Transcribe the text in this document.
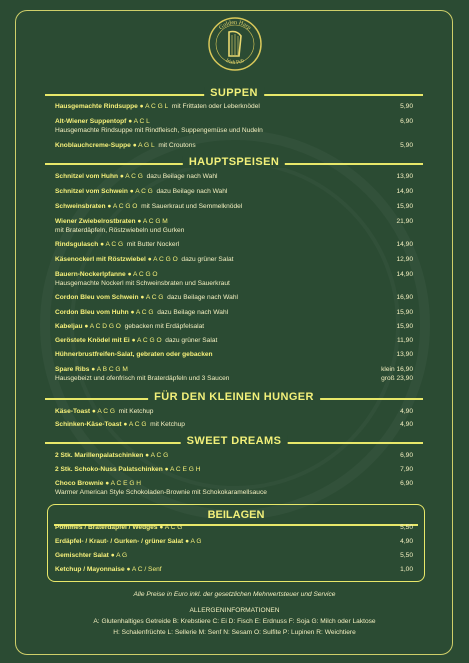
Golden Harp
Irish Pub
SUPPEN
Hausgemachte Rindsuppe ● A C G L mit Frittaten oder Leberknödel	5,90
Alt-Wiener Suppentopf ● A C L	6,90
Hausgemachte Rindsuppe mit Rindfleisch, Suppengemüse und Nudeln
Knoblauchcreme-Suppe ● A G L mit Croutons	5,90
HAUPTSPEISEN
Schnitzel vom Huhn ● A C G dazu Beilage nach Wahl	13,90
Schnitzel vom Schwein ● A C G dazu Beilage nach Wahl	14,90
Schweinsbraten ● A C G O mit Sauerkraut und Semmelknödel	15,90
Wiener Zwiebelrostbraten ● A C G M	21,90
mit Braterdäpfeln, Röstzwiebeln und Gurken
Rindsgulasch ● A C G mit Butter Nockerl	14,90
Käsenockerl mit Röstzwiebel ● A C G O dazu grüner Salat	12,90
Bauern-Nockerlpfanne ● A C G O	14,90
Hausgemachte Nockerl mit Schweinsbraten und Sauerkraut
Cordon Bleu vom Schwein ● A C G dazu Beilage nach Wahl	16,90
Cordon Bleu vom Huhn ● A C G dazu Beilage nach Wahl	15,90
Kabeljau ● A C D G O gebacken mit Erdäpfelsalat	15,90
Geröstete Knödel mit Ei ● A C G O dazu grüner Salat	11,90
Hühnerbrustfreifen-Salat, gebraten oder gebacken	13,90
Spare Ribs ● A B C G M	klein 16,90
Hausgebeizt und ofenfrisch mit Braterdäpfeln und 3 Saucen	groß 23,90
FÜR DEN KLEINEN HUNGER
Käse-Toast ● A C G mit Ketchup	4,90
Schinken-Käse-Toast ● A C G mit Ketchup	4,90
SWEET DREAMS
2 Stk. Marillenpalatschinken ● A C G	6,90
2 Stk. Schoko-Nuss Palatschinken ● A C E G H	7,90
Choco Brownie ● A C E G H	6,90
Warmer American Style Schokoladen-Brownie mit Schokokaramellsauce
BEILAGEN
Pommes / Braterdäpfel / Wedges ● A C G	5,50
Erdäpfel- / Kraut- / Gurken- / grüner Salat ● A G	4,90
Gemischter Salat ● A G	5,50
Ketchup / Mayonnaise ● A C / Senf	1,00
Alle Preise in Euro inkl. der gesetzlichen Mehrwertsteuer und Service
ALLERGENINFORMATIONEN
A: Glutenhaltiges Getreide B: Krebstiere C: Ei D: Fisch E: Erdnuss F: Soja G: Milch oder Laktose
H: Schalenfrüchte L: Sellerie M: Senf N: Sesam O: Sulfite P: Lupinen R: Weichtiere
